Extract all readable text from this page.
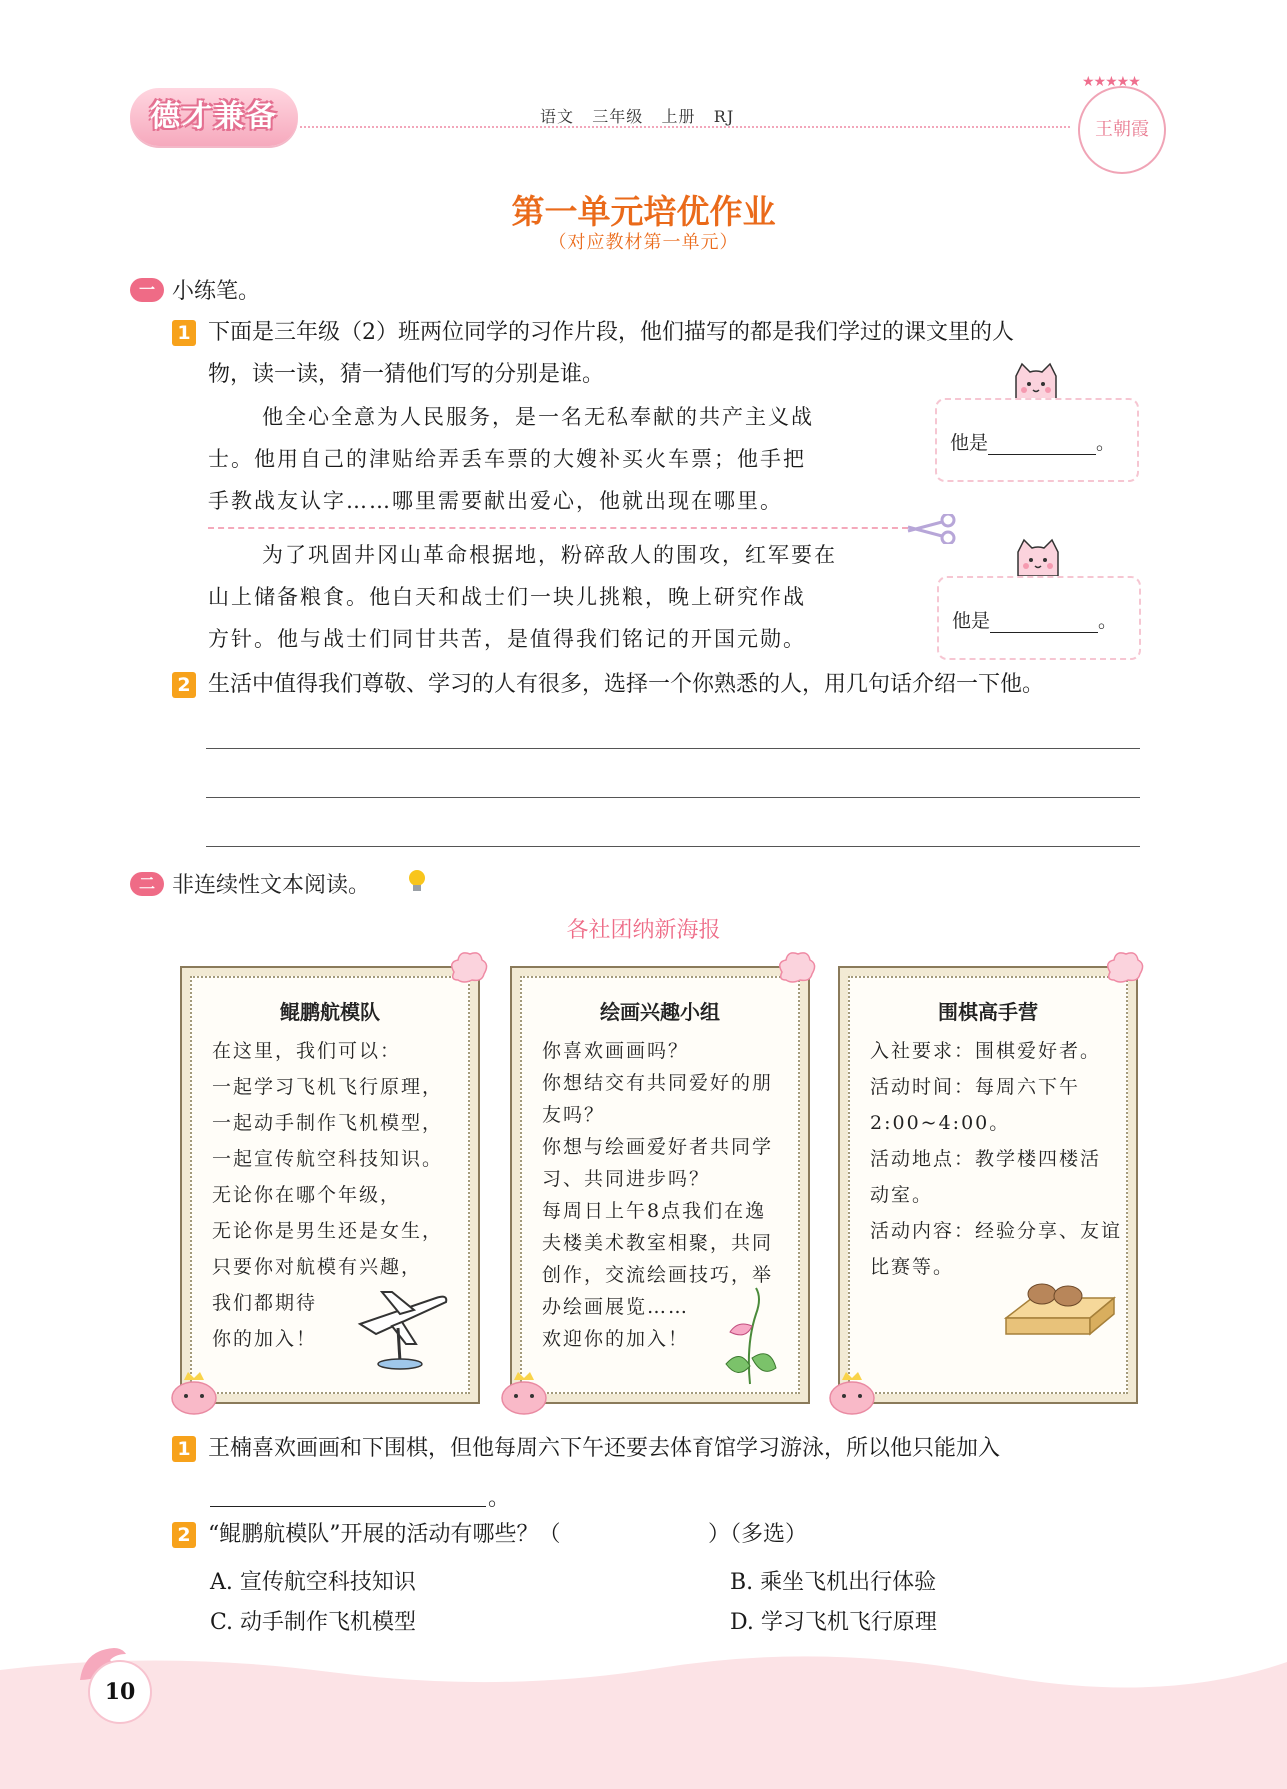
德才兼备	语文   三年级   上册   RJ
★★★★★
王朝霞
第一单元培优作业
（对应教材第一单元）
一 小练笔。
1 下面是三年级（2）班两位同学的习作片段，他们描写的都是我们学过的课文里的人
物，读一读，猜一猜他们写的分别是谁。
他全心全意为人民服务，是一名无私奉献的共产主义战
士。他用自己的津贴给弄丢车票的大嫂补买火车票；他手把
手教战友认字……哪里需要献出爱心，他就出现在哪里。
他是	。
为了巩固井冈山革命根据地，粉碎敌人的围攻，红军要在
山上储备粮食。他白天和战士们一块儿挑粮，晚上研究作战
方针。他与战士们同甘共苦，是值得我们铭记的开国元勋。
他是	。
2 生活中值得我们尊敬、学习的人有很多，选择一个你熟悉的人，用几句话介绍一下他。
二 非连续性文本阅读。
各社团纳新海报
鲲鹏航模队
在这里，我们可以：
一起学习飞机飞行原理，
一起动手制作飞机模型，
一起宣传航空科技知识。
无论你在哪个年级，
无论你是男生还是女生，
只要你对航模有兴趣，
我们都期待
你的加入！
绘画兴趣小组
你喜欢画画吗？
你想结交有共同爱好的朋
友吗？
你想与绘画爱好者共同学
习、共同进步吗？
每周日上午8点我们在逸
夫楼美术教室相聚，共同
创作，交流绘画技巧，举
办绘画展览……
欢迎你的加入！
围棋高手营
入社要求：围棋爱好者。
活动时间：每周六下午
2:00~4:00。
活动地点：教学楼四楼活
动室。
活动内容：经验分享、友谊
比赛等。
1 王楠喜欢画画和下围棋，但他每周六下午还要去体育馆学习游泳，所以他只能加入
。
2 “鲲鹏航模队”开展的活动有哪些？（	）（多选）
A. 宣传航空科技知识	B. 乘坐飞机出行体验
C. 动手制作飞机模型	D. 学习飞机飞行原理
10
